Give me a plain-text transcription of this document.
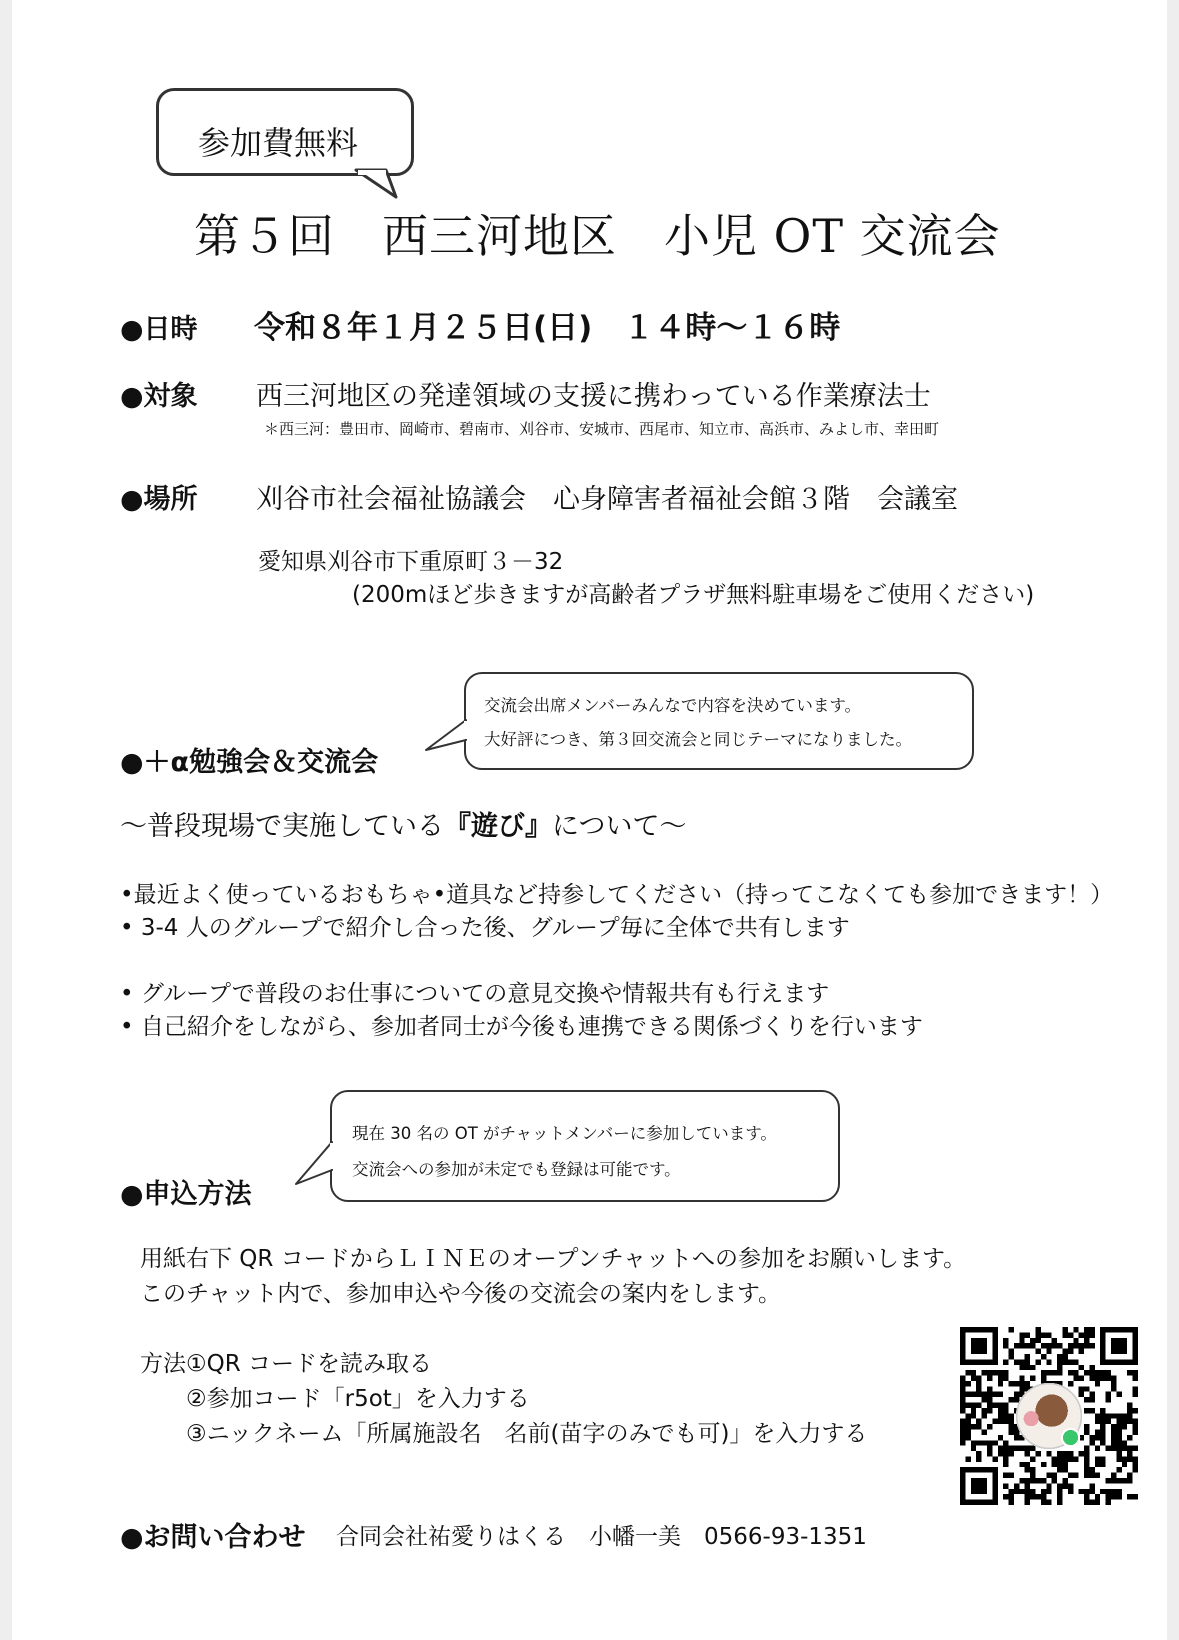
参加費無料
第５回　西三河地区　小児 OT 交流会
●日時 令和８年１月２５日(日)　１４時～１６時
●対象 西三河地区の発達領域の支援に携わっている作業療法士
＊西三河：豊田市、岡崎市、碧南市、刈谷市、安城市、西尾市、知立市、高浜市、みよし市、幸田町
●場所 刈谷市社会福祉協議会　心身障害者福祉会館３階　会議室
愛知県刈谷市下重原町３－32
(200mほど歩きますが高齢者プラザ無料駐車場をご使用ください)
交流会出席メンバーみんなで内容を決めています。
大好評につき、第３回交流会と同じテーマになりました。
●＋α勉強会＆交流会
～普段現場で実施している『遊び』について～
•最近よく使っているおもちゃ•道具など持参してください（持ってこなくても参加できます！）
• 3-4 人のグループで紹介し合った後、グループ毎に全体で共有します
• グループで普段のお仕事についての意見交換や情報共有も行えます
• 自己紹介をしながら、参加者同士が今後も連携できる関係づくりを行います
現在 30 名の OT がチャットメンバーに参加しています。
交流会への参加が未定でも登録は可能です。
●申込方法
用紙右下 QR コードからＬＩＮＥのオープンチャットへの参加をお願いします。
このチャット内で、参加申込や今後の交流会の案内をします。
方法①QR コードを読み取る
②参加コード「r5ot」を入力する
③ニックネーム「所属施設名　名前(苗字のみでも可)」を入力する
●お問い合わせ 合同会社祐愛りはくる　小幡一美　0566-93-1351
